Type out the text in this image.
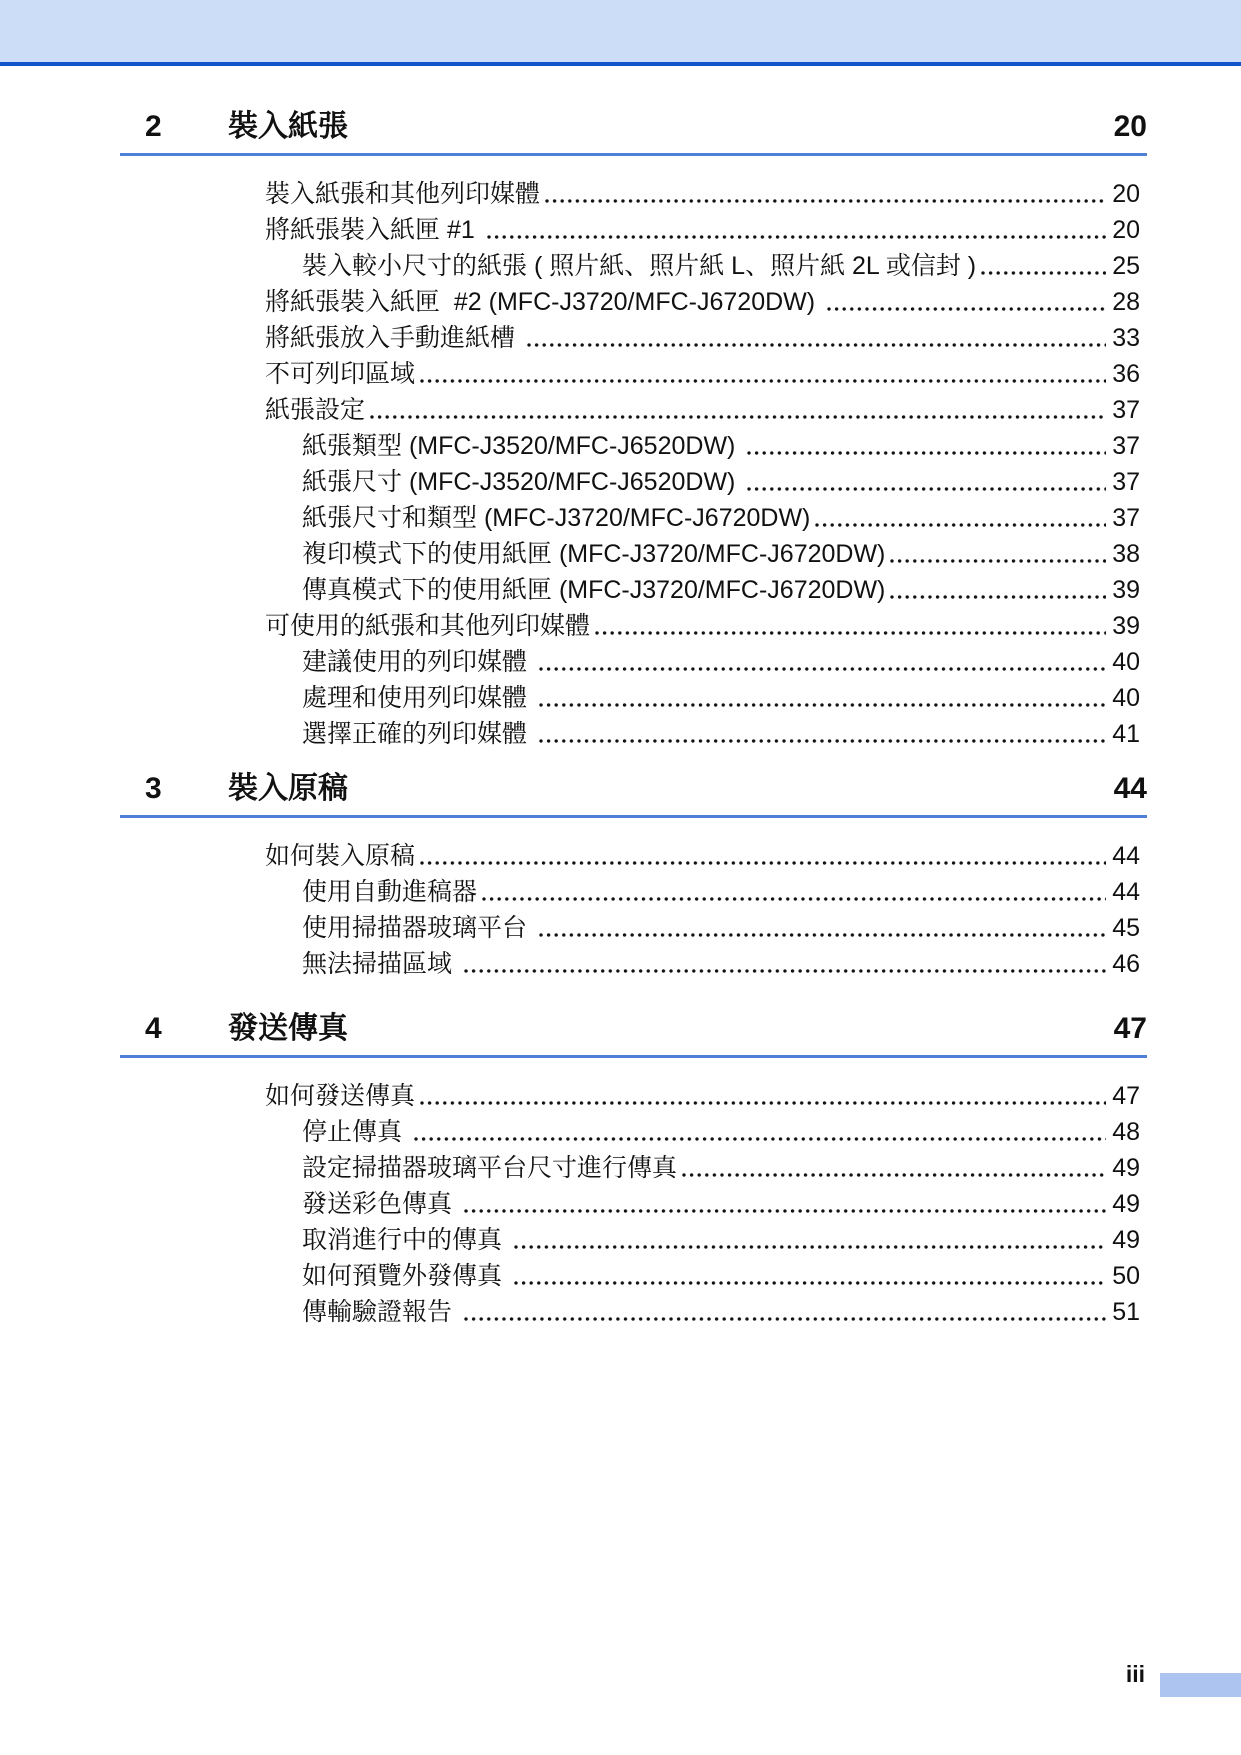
2	裝入紙張	20
裝入紙張和其他列印媒體	20
將紙張裝入紙匣 #1	20
裝入較小尺寸的紙張 ( 照片紙、照片紙 L、照片紙 2L 或信封 )	25
將紙張裝入紙匣  #2 (MFC-J3720/MFC-J6720DW)	28
將紙張放入手動進紙槽	33
不可列印區域	36
紙張設定	37
紙張類型 (MFC-J3520/MFC-J6520DW)	37
紙張尺寸 (MFC-J3520/MFC-J6520DW)	37
紙張尺寸和類型 (MFC-J3720/MFC-J6720DW)	37
複印模式下的使用紙匣 (MFC-J3720/MFC-J6720DW)	38
傳真模式下的使用紙匣 (MFC-J3720/MFC-J6720DW)	39
可使用的紙張和其他列印媒體	39
建議使用的列印媒體	40
處理和使用列印媒體	40
選擇正確的列印媒體	41
3	裝入原稿	44
如何裝入原稿	44
使用自動進稿器	44
使用掃描器玻璃平台	45
無法掃描區域	46
4	發送傳真	47
如何發送傳真	47
停止傳真	48
設定掃描器玻璃平台尺寸進行傳真	49
發送彩色傳真	49
取消進行中的傳真	49
如何預覽外發傳真	50
傳輸驗證報告	51
iii
